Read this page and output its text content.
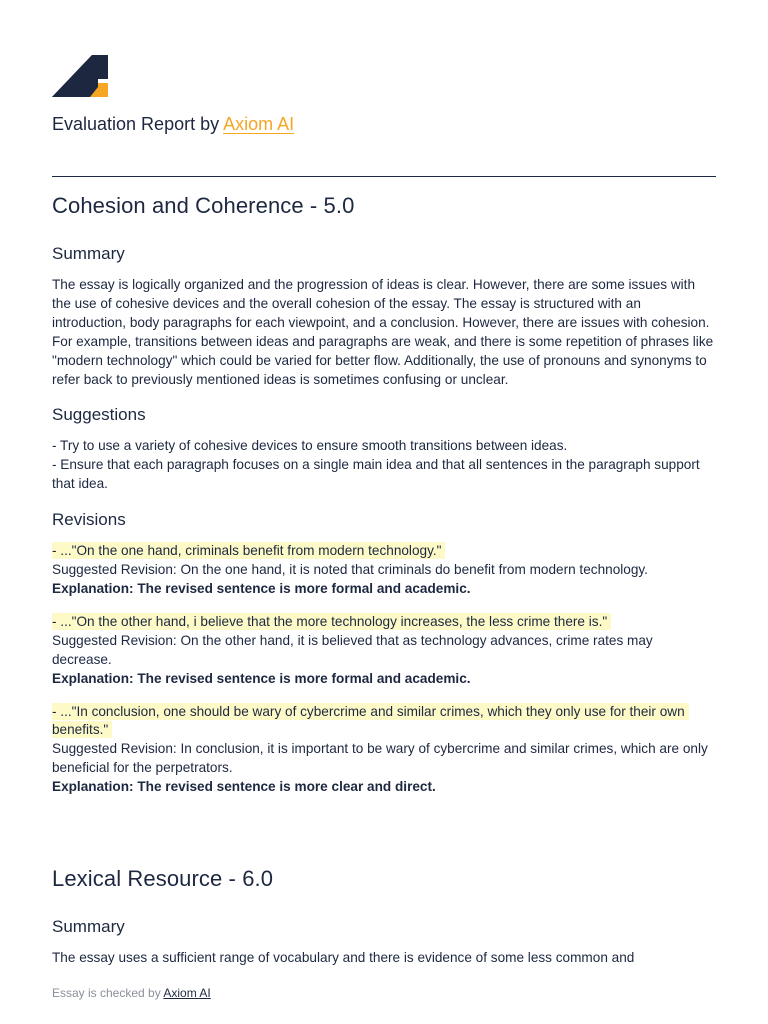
Evaluation Report by Axiom AI
Cohesion and Coherence - 5.0
Summary

The essay is logically organized and the progression of ideas is clear. However, there are some issues with the use of cohesive devices and the overall cohesion of the essay. The essay is structured with an introduction, body paragraphs for each viewpoint, and a conclusion. However, there are issues with cohesion. For example, transitions between ideas and paragraphs are weak, and there is some repetition of phrases like "modern technology" which could be varied for better flow. Additionally, the use of pronouns and synonyms to refer back to previously mentioned ideas is sometimes confusing or unclear.

Suggestions

- Try to use a variety of cohesive devices to ensure smooth transitions between ideas.

- Ensure that each paragraph focuses on a single main idea and that all sentences in the paragraph support that idea.

Revisions

- ..."On the one hand, criminals benefit from modern technology."

Suggested Revision: On the one hand, it is noted that criminals do benefit from modern technology.

Explanation: The revised sentence is more formal and academic.

- ..."On the other hand, i believe that the more technology increases, the less crime there is."

Suggested Revision: On the other hand, it is believed that as technology advances, crime rates may decrease.

Explanation: The revised sentence is more formal and academic.

- ..."In conclusion, one should be wary of cybercrime and similar crimes, which they only use for their own benefits."

Suggested Revision: In conclusion, it is important to be wary of cybercrime and similar crimes, which are only beneficial for the perpetrators.

Explanation: The revised sentence is more clear and direct.

Lexical Resource - 6.0
Summary

The essay uses a sufficient range of vocabulary and there is evidence of some less common and

Essay is checked by Axiom AI
